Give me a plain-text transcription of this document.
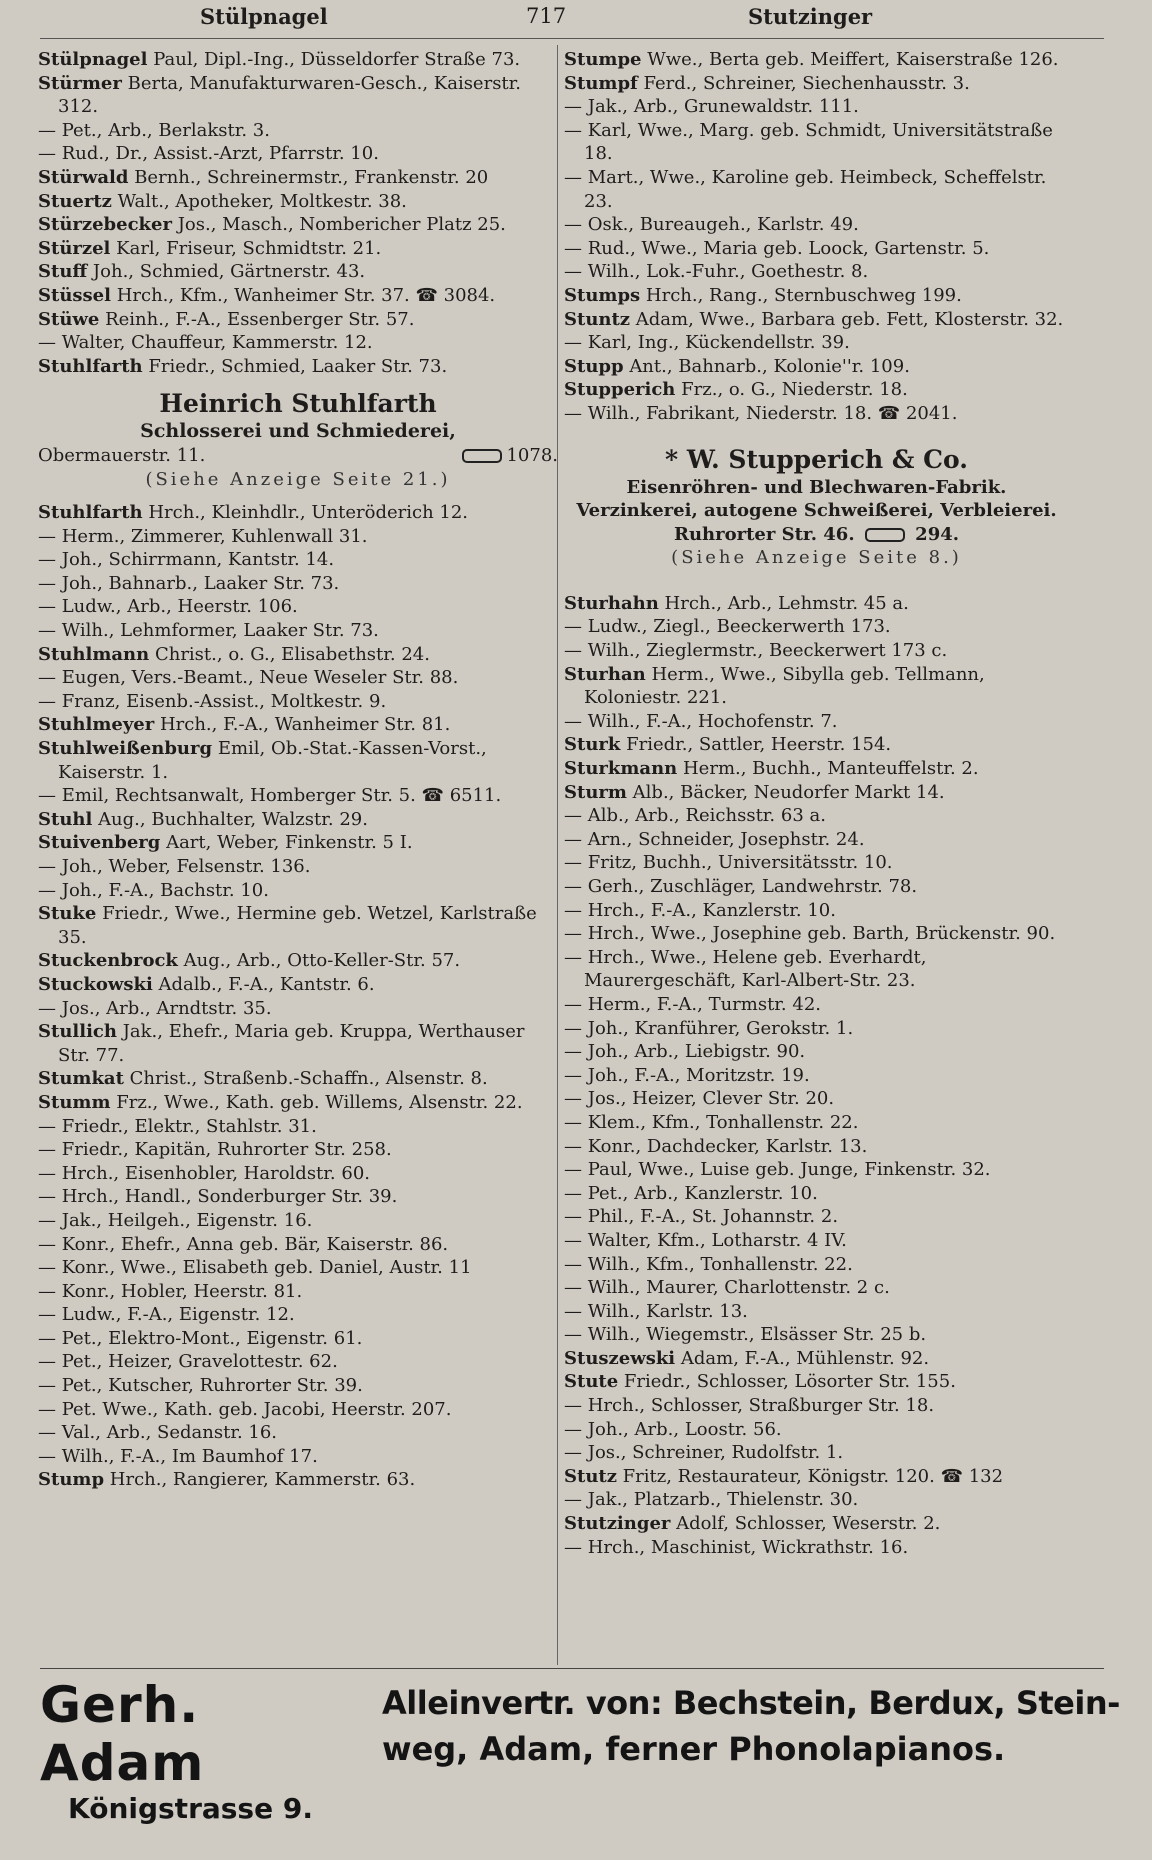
Stülpnagel	717	Stutzinger

Stülpnagel Paul, Dipl.-Ing., Düsseldorfer Straße 73.

Stürmer Berta, Manufakturwaren-Gesch., Kaiserstr. 312.

— Pet., Arb., Berlakstr. 3.

— Rud., Dr., Assist.-Arzt, Pfarrstr. 10.

Stürwald Bernh., Schreinermstr., Frankenstr. 20

Stuertz Walt., Apotheker, Moltkestr. 38.

Stürzebecker Jos., Masch., Nombericher Platz 25.

Stürzel Karl, Friseur, Schmidtstr. 21.

Stuff Joh., Schmied, Gärtnerstr. 43.

Stüssel Hrch., Kfm., Wanheimer Str. 37. ☎ 3084.

Stüwe Reinh., F.-A., Essenberger Str. 57.

— Walter, Chauffeur, Kammerstr. 12.

Stuhlfarth Friedr., Schmied, Laaker Str. 73.

Heinrich Stuhlfarth
Schlosserei und Schmiederei,
Obermauerstr. 11.	1078.
(Siehe Anzeige Seite 21.)

Stuhlfarth Hrch., Kleinhdlr., Unteröderich 12.

— Herm., Zimmerer, Kuhlenwall 31.

— Joh., Schirrmann, Kantstr. 14.

— Joh., Bahnarb., Laaker Str. 73.

— Ludw., Arb., Heerstr. 106.

— Wilh., Lehmformer, Laaker Str. 73.

Stuhlmann Christ., o. G., Elisabethstr. 24.

— Eugen, Vers.-Beamt., Neue Weseler Str. 88.

— Franz, Eisenb.-Assist., Moltkestr. 9.

Stuhlmeyer Hrch., F.-A., Wanheimer Str. 81.

Stuhlweißenburg Emil, Ob.-Stat.-Kassen-Vorst., Kaiserstr. 1.

— Emil, Rechtsanwalt, Homberger Str. 5. ☎ 6511.

Stuhl Aug., Buchhalter, Walzstr. 29.

Stuivenberg Aart, Weber, Finkenstr. 5 I.

— Joh., Weber, Felsenstr. 136.

— Joh., F.-A., Bachstr. 10.

Stuke Friedr., Wwe., Hermine geb. Wetzel, Karlstraße 35.

Stuckenbrock Aug., Arb., Otto-Keller-Str. 57.

Stuckowski Adalb., F.-A., Kantstr. 6.

— Jos., Arb., Arndtstr. 35.

Stullich Jak., Ehefr., Maria geb. Kruppa, Werthauser Str. 77.

Stumkat Christ., Straßenb.-Schaffn., Alsenstr. 8.

Stumm Frz., Wwe., Kath. geb. Willems, Alsenstr. 22.

— Friedr., Elektr., Stahlstr. 31.

— Friedr., Kapitän, Ruhrorter Str. 258.

— Hrch., Eisenhobler, Haroldstr. 60.

— Hrch., Handl., Sonderburger Str. 39.

— Jak., Heilgeh., Eigenstr. 16.

— Konr., Ehefr., Anna geb. Bär, Kaiserstr. 86.

— Konr., Wwe., Elisabeth geb. Daniel, Austr. 11

— Konr., Hobler, Heerstr. 81.

— Ludw., F.-A., Eigenstr. 12.

— Pet., Elektro-Mont., Eigenstr. 61.

— Pet., Heizer, Gravelottestr. 62.

— Pet., Kutscher, Ruhrorter Str. 39.

— Pet. Wwe., Kath. geb. Jacobi, Heerstr. 207.

— Val., Arb., Sedanstr. 16.

— Wilh., F.-A., Im Baumhof 17.

Stump Hrch., Rangierer, Kammerstr. 63.

Stumpe Wwe., Berta geb. Meiffert, Kaiserstraße 126.

Stumpf Ferd., Schreiner, Siechenhausstr. 3.

— Jak., Arb., Grunewaldstr. 111.

— Karl, Wwe., Marg. geb. Schmidt, Universitätstraße 18.

— Mart., Wwe., Karoline geb. Heimbeck, Scheffelstr. 23.

— Osk., Bureaugeh., Karlstr. 49.

— Rud., Wwe., Maria geb. Loock, Gartenstr. 5.

— Wilh., Lok.-Fuhr., Goethestr. 8.

Stumps Hrch., Rang., Sternbuschweg 199.

Stuntz Adam, Wwe., Barbara geb. Fett, Klosterstr. 32.

— Karl, Ing., Kückendellstr. 39.

Stupp Ant., Bahnarb., Kolonie''r. 109.

Stupperich Frz., o. G., Niederstr. 18.

— Wilh., Fabrikant, Niederstr. 18. ☎ 2041.

* W. Stupperich & Co.
Eisenröhren- und Blechwaren-Fabrik.
Verzinkerei, autogene Schweißerei, Verbleierei.
Ruhrorter Str. 46.	294.
(Siehe Anzeige Seite 8.)

Sturhahn Hrch., Arb., Lehmstr. 45 a.

— Ludw., Ziegl., Beeckerwerth 173.

— Wilh., Zieglermstr., Beeckerwert 173 c.

Sturhan Herm., Wwe., Sibylla geb. Tellmann, Koloniestr. 221.

— Wilh., F.-A., Hochofenstr. 7.

Sturk Friedr., Sattler, Heerstr. 154.

Sturkmann Herm., Buchh., Manteuffelstr. 2.

Sturm Alb., Bäcker, Neudorfer Markt 14.

— Alb., Arb., Reichsstr. 63 a.

— Arn., Schneider, Josephstr. 24.

— Fritz, Buchh., Universitätsstr. 10.

— Gerh., Zuschläger, Landwehrstr. 78.

— Hrch., F.-A., Kanzlerstr. 10.

— Hrch., Wwe., Josephine geb. Barth, Brückenstr. 90.

— Hrch., Wwe., Helene geb. Everhardt, Maurergeschäft, Karl-Albert-Str. 23.

— Herm., F.-A., Turmstr. 42.

— Joh., Kranführer, Gerokstr. 1.

— Joh., Arb., Liebigstr. 90.

— Joh., F.-A., Moritzstr. 19.

— Jos., Heizer, Clever Str. 20.

— Klem., Kfm., Tonhallenstr. 22.

— Konr., Dachdecker, Karlstr. 13.

— Paul, Wwe., Luise geb. Junge, Finkenstr. 32.

— Pet., Arb., Kanzlerstr. 10.

— Phil., F.-A., St. Johannstr. 2.

— Walter, Kfm., Lotharstr. 4 IV.

— Wilh., Kfm., Tonhallenstr. 22.

— Wilh., Maurer, Charlottenstr. 2 c.

— Wilh., Karlstr. 13.

— Wilh., Wiegemstr., Elsässer Str. 25 b.

Stuszewski Adam, F.-A., Mühlenstr. 92.

Stute Friedr., Schlosser, Lösorter Str. 155.

— Hrch., Schlosser, Straßburger Str. 18.

— Joh., Arb., Loostr. 56.

— Jos., Schreiner, Rudolfstr. 1.

Stutz Fritz, Restaurateur, Königstr. 120. ☎ 132

— Jak., Platzarb., Thielenstr. 30.

Stutzinger Adolf, Schlosser, Weserstr. 2.

— Hrch., Maschinist, Wickrathstr. 16.

Gerh. Adam
Königstrasse 9.
Alleinvertr. von: Bechstein, Berdux, Stein-
weg, Adam, ferner Phonolapianos.
